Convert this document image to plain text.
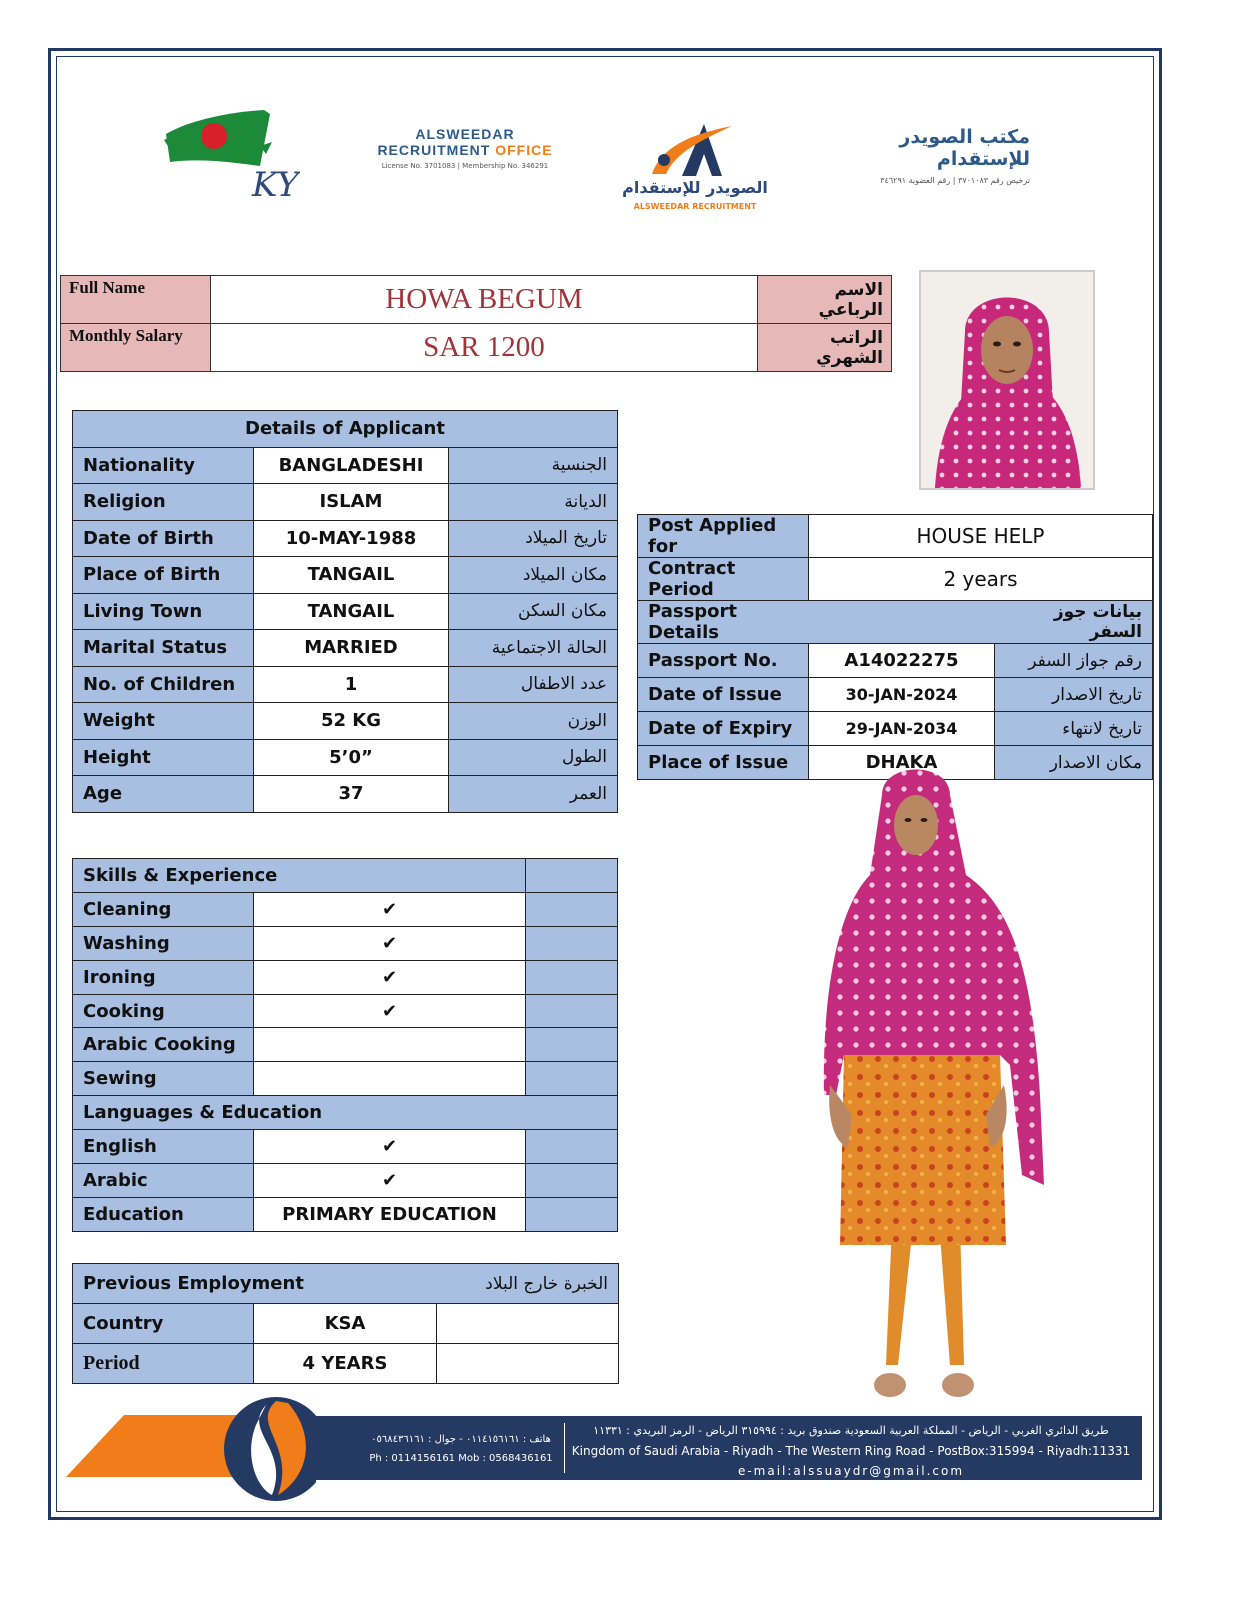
KY
ALSWEEDAR
RECRUITMENT OFFICE
License No. 3701083 | Membership No. 346291
الصويدر للإستقدام
ALSWEEDAR RECRUITMENT
مكتب الصويدر للإستقدام
ترخيص رقم ٣٧٠١٠٨٣ | رقم العضوية ٣٤٦٢٩١
Full Name	HOWA BEGUM	الاسم الرباعي
Monthly Salary	SAR 1200	الراتب الشهري
Details of Applicant		
Nationality	BANGLADESHI	الجنسية
Religion	ISLAM	الديانة
Date of Birth	10-MAY-1988	تاريخ الميلاد
Place of Birth	TANGAIL	مكان الميلاد
Living Town	TANGAIL	مكان السكن
Marital Status	MARRIED	الحالة الاجتماعية
No. of Children	1	عدد الاطفال
Weight	52 KG	الوزن
Height	5’0”	الطول
Age	37	العمر
Post Applied for	HOUSE HELP	
Contract Period	2 years	
Passport Details		بيانات جوز السفر
Passport No.	A14022275	رقم جواز السفر
Date of Issue	30-JAN-2024	تاريخ الاصدار
Date of Expiry	29-JAN-2034	تاريخ لانتهاء
Place of Issue	DHAKA	مكان الاصدار
Skills & Experience		
Cleaning	✔	
Washing	✔	
Ironing	✔	
Cooking	✔	
Arabic Cooking		
Sewing		
Languages & Education		
English	✔	
Arabic	✔	
Education	PRIMARY EDUCATION	
Previous Employment		الخبرة خارج البلاد
Country	KSA	
Period	4 YEARS	
هاتف : ٠١١٤١٥٦١٦١ - جوال : ٠٥٦٨٤٣٦١٦١
Ph : 0114156161 Mob : 0568436161
طريق الدائري الغربي - الرياض - المملكة العربية السعودية صندوق بريد : ٣١٥٩٩٤ الرياض - الرمز البريدي : ١١٣٣١
Kingdom of Saudi Arabia - Riyadh - The Western Ring Road - PostBox:315994 - Riyadh:11331
e-mail:alssuaydr@gmail.com
